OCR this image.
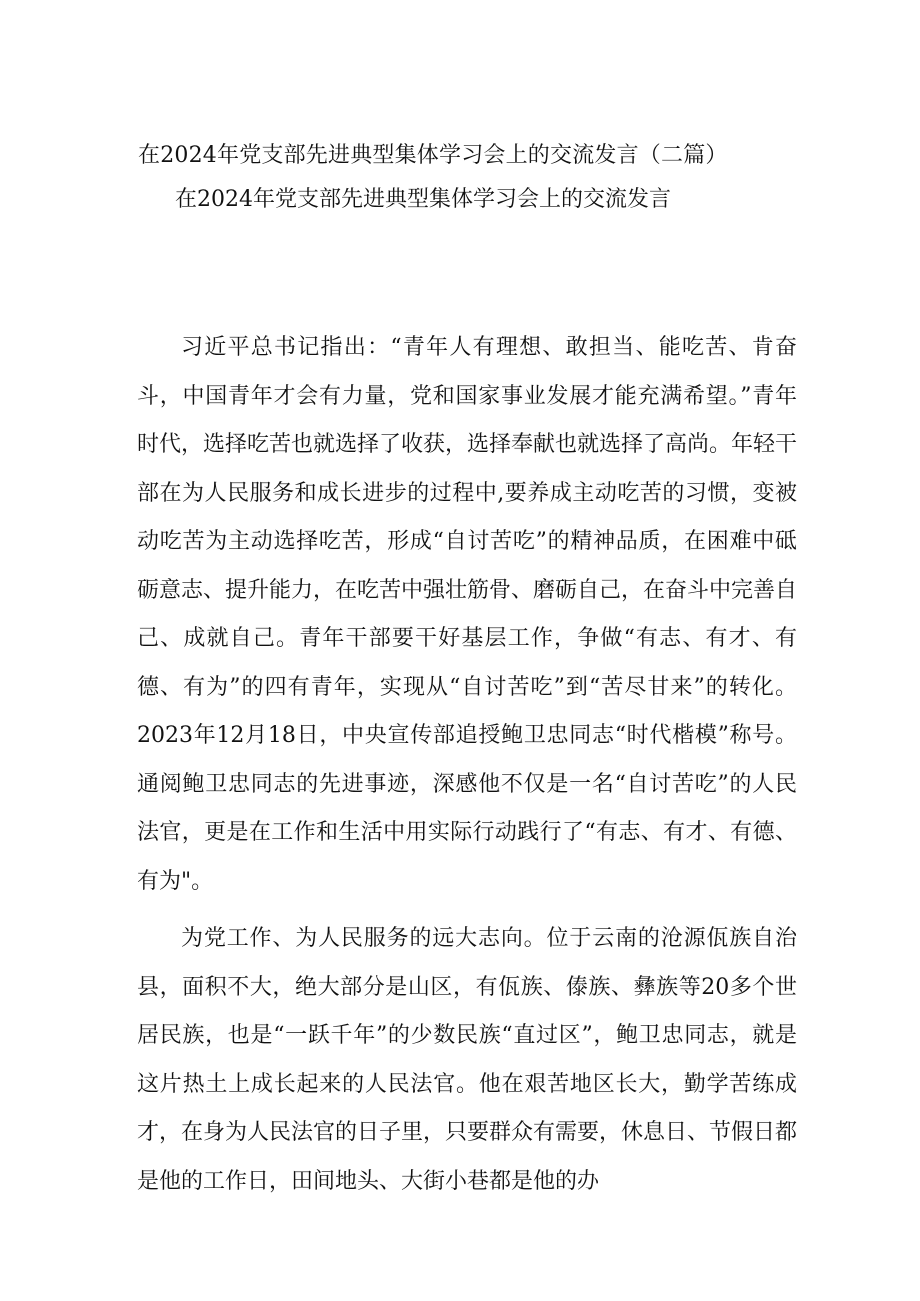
在2024年党支部先进典型集体学习会上的交流发言（二篇）
在2024年党支部先进典型集体学习会上的交流发言

习近平总书记指出：“青年人有理想、敢担当、能吃苦、肯奋斗，中国青年才会有力量，党和国家事业发展才能充满希望。”青年时代，选择吃苦也就选择了收获，选择奉献也就选择了高尚。年轻干部在为人民服务和成长进步的过程中,要养成主动吃苦的习惯，变被动吃苦为主动选择吃苦，形成“自讨苦吃”的精神品质，在困难中砥砺意志、提升能力，在吃苦中强壮筋骨、磨砺自己，在奋斗中完善自己、成就自己。青年干部要干好基层工作，争做“有志、有才、有德、有为”的四有青年，实现从“自讨苦吃”到“苦尽甘来”的转化。2023年12月18日，中央宣传部追授鲍卫忠同志“时代楷模”称号。通阅鲍卫忠同志的先进事迹，深感他不仅是一名“自讨苦吃”的人民法官，更是在工作和生活中用实际行动践行了“有志、有才、有德、有为"。

为党工作、为人民服务的远大志向。位于云南的沧源佤族自治县，面积不大，绝大部分是山区，有佤族、傣族、彝族等20多个世居民族，也是“一跃千年”的少数民族“直过区”，鲍卫忠同志，就是这片热土上成长起来的人民法官。他在艰苦地区长大，勤学苦练成才，在身为人民法官的日子里，只要群众有需要，休息日、节假日都是他的工作日，田间地头、大街小巷都是他的办
